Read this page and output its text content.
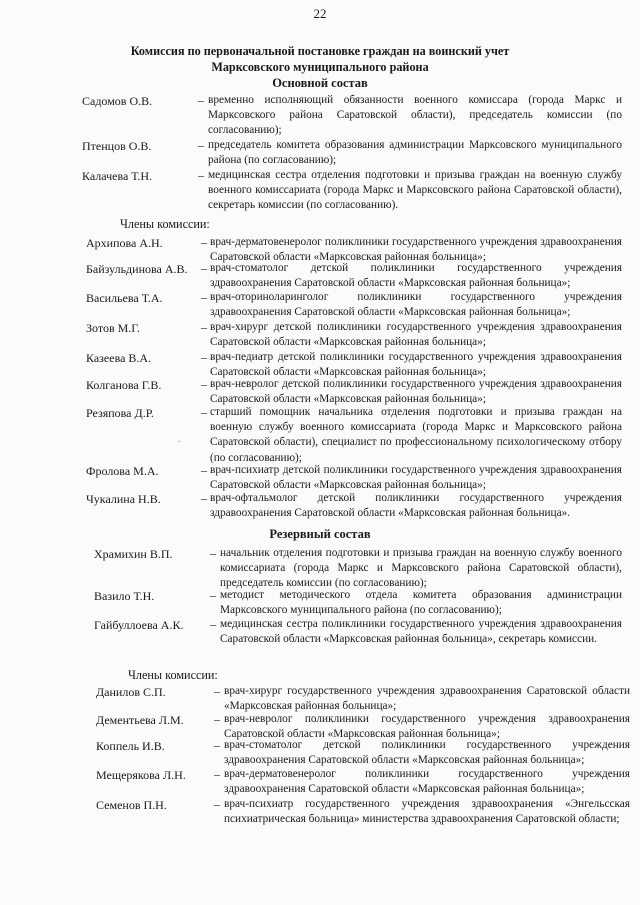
22
Комиссия по первоначальной постановке граждан на воинский учет
Марксовского муниципального района
Основной состав
Члены комиссии:
Резервный состав
Члены комиссии:
.
Садомов О.В.	– временно исполняющий обязанности военного комиссара (города Маркс и Марксовского района Саратовской области), председатель комиссии (по согласованию);
Птенцов О.В.	– председатель комитета образования администрации Марксовского муниципального района (по согласованию);
Калачева Т.Н.	– медицинская сестра отделения подготовки и призыва граждан на военную службу военного комиссариата (города Маркс и Марксовского района Саратовской области), секретарь комиссии (по согласованию).
Архипова А.Н.	– врач-дерматовенеролог поликлиники государственного учреждения здравоохранения Саратовской области «Марксовская районная больница»;
Байзульдинова А.В. – врач-стоматолог детской поликлиники государственного учреждения здравоохранения Саратовской области «Марксовская районная больница»;
Васильева Т.А.	– врач-оториноларинголог поликлиники государственного учреждения здравоохранения Саратовской области «Марксовская районная больница»;
Зотов М.Г.	– врач-хирург детской поликлиники государственного учреждения здравоохранения Саратовской области «Марксовская районная больница»;
Казеева В.А.	– врач-педиатр детской поликлиники государственного учреждения здравоохранения Саратовской области «Марксовская районная больница»;
Колганова Г.В.	– врач-невролог детской поликлиники государственного учреждения здравоохранения Саратовской области «Марксовская районная больница»;
Резяпова Д.Р.	– старший помощник начальника отделения подготовки и призыва граждан на военную службу военного комиссариата (города Маркс и Марксовского района Саратовской области), специалист по профессиональному психологическому отбору (по согласованию);
Фролова М.А.	– врач-психиатр детской поликлиники государственного учреждения здравоохранения Саратовской области «Марксовская районная больница»;
Чукалина Н.В.	– врач-офтальмолог детской поликлиники государственного учреждения здравоохранения Саратовской области «Марксовская районная больница».
Храмихин В.П.	– начальник отделения подготовки и призыва граждан на военную службу военного комиссариата (города Маркс и Марксовского района Саратовской области), председатель комиссии (по согласованию);
Вазило Т.Н.	– методист методического отдела комитета образования администрации Марксовского муниципального района (по согласованию);
Гайбуллоева А.К. – медицинская сестра поликлиники государственного учреждения здравоохранения Саратовской области «Марксовская районная больница», секретарь комиссии.
Данилов С.П.	– врач-хирург государственного учреждения здравоохранения Саратовской области «Марксовская районная больница»;
Дементьева Л.М.	– врач-невролог поликлиники государственного учреждения здравоохранения Саратовской области «Марксовская районная больница»;
Коппель И.В.	– врач-стоматолог детской поликлиники государственного учреждения здравоохранения Саратовской области «Марксовская районная больница»;
Мещерякова Л.Н. – врач-дерматовенеролог поликлиники государственного учреждения здравоохранения Саратовской области «Марксовская районная больница»;
Семенов П.Н.	– врач-психиатр государственного учреждения здравоохранения «Энгельсская психиатрическая больница» министерства здравоохранения Саратовской области;
